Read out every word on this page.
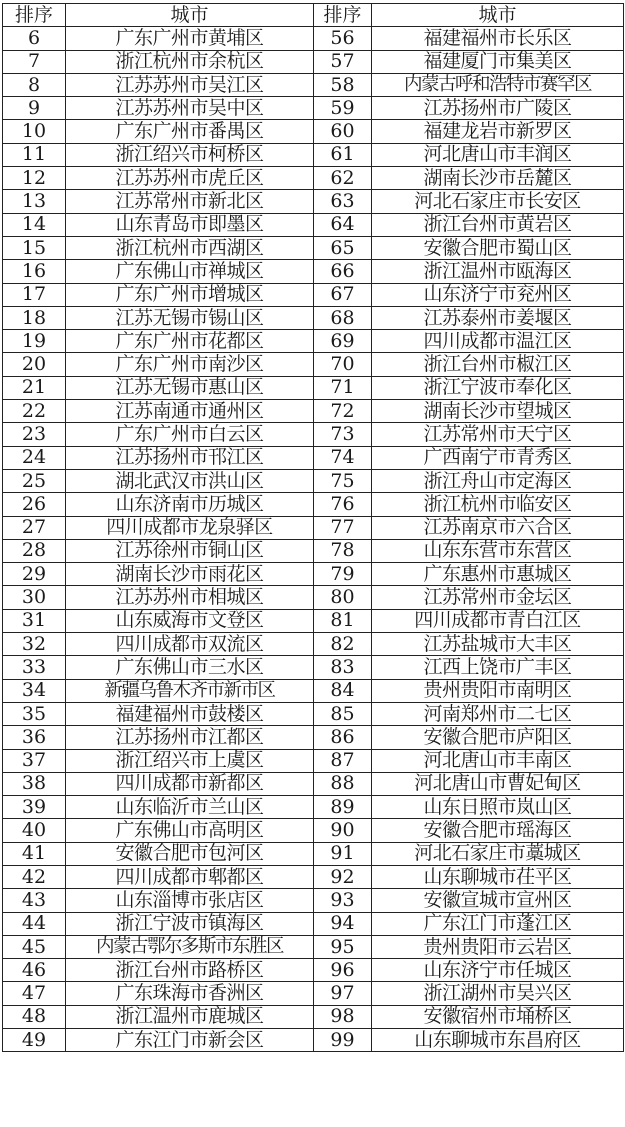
排序	城市	排序	城市
6	广东广州市黄埔区	56	福建福州市长乐区
7	浙江杭州市余杭区	57	福建厦门市集美区
8	江苏苏州市吴江区	58	内蒙古呼和浩特市赛罕区
9	江苏苏州市吴中区	59	江苏扬州市广陵区
10	广东广州市番禺区	60	福建龙岩市新罗区
11	浙江绍兴市柯桥区	61	河北唐山市丰润区
12	江苏苏州市虎丘区	62	湖南长沙市岳麓区
13	江苏常州市新北区	63	河北石家庄市长安区
14	山东青岛市即墨区	64	浙江台州市黄岩区
15	浙江杭州市西湖区	65	安徽合肥市蜀山区
16	广东佛山市禅城区	66	浙江温州市瓯海区
17	广东广州市增城区	67	山东济宁市兖州区
18	江苏无锡市锡山区	68	江苏泰州市姜堰区
19	广东广州市花都区	69	四川成都市温江区
20	广东广州市南沙区	70	浙江台州市椒江区
21	江苏无锡市惠山区	71	浙江宁波市奉化区
22	江苏南通市通州区	72	湖南长沙市望城区
23	广东广州市白云区	73	江苏常州市天宁区
24	江苏扬州市邗江区	74	广西南宁市青秀区
25	湖北武汉市洪山区	75	浙江舟山市定海区
26	山东济南市历城区	76	浙江杭州市临安区
27	四川成都市龙泉驿区	77	江苏南京市六合区
28	江苏徐州市铜山区	78	山东东营市东营区
29	湖南长沙市雨花区	79	广东惠州市惠城区
30	江苏苏州市相城区	80	江苏常州市金坛区
31	山东威海市文登区	81	四川成都市青白江区
32	四川成都市双流区	82	江苏盐城市大丰区
33	广东佛山市三水区	83	江西上饶市广丰区
34	新疆乌鲁木齐市新市区	84	贵州贵阳市南明区
35	福建福州市鼓楼区	85	河南郑州市二七区
36	江苏扬州市江都区	86	安徽合肥市庐阳区
37	浙江绍兴市上虞区	87	河北唐山市丰南区
38	四川成都市新都区	88	河北唐山市曹妃甸区
39	山东临沂市兰山区	89	山东日照市岚山区
40	广东佛山市高明区	90	安徽合肥市瑶海区
41	安徽合肥市包河区	91	河北石家庄市藁城区
42	四川成都市郫都区	92	山东聊城市茌平区
43	山东淄博市张店区	93	安徽宣城市宣州区
44	浙江宁波市镇海区	94	广东江门市蓬江区
45	内蒙古鄂尔多斯市东胜区	95	贵州贵阳市云岩区
46	浙江台州市路桥区	96	山东济宁市任城区
47	广东珠海市香洲区	97	浙江湖州市吴兴区
48	浙江温州市鹿城区	98	安徽宿州市埇桥区
49	广东江门市新会区	99	山东聊城市东昌府区
